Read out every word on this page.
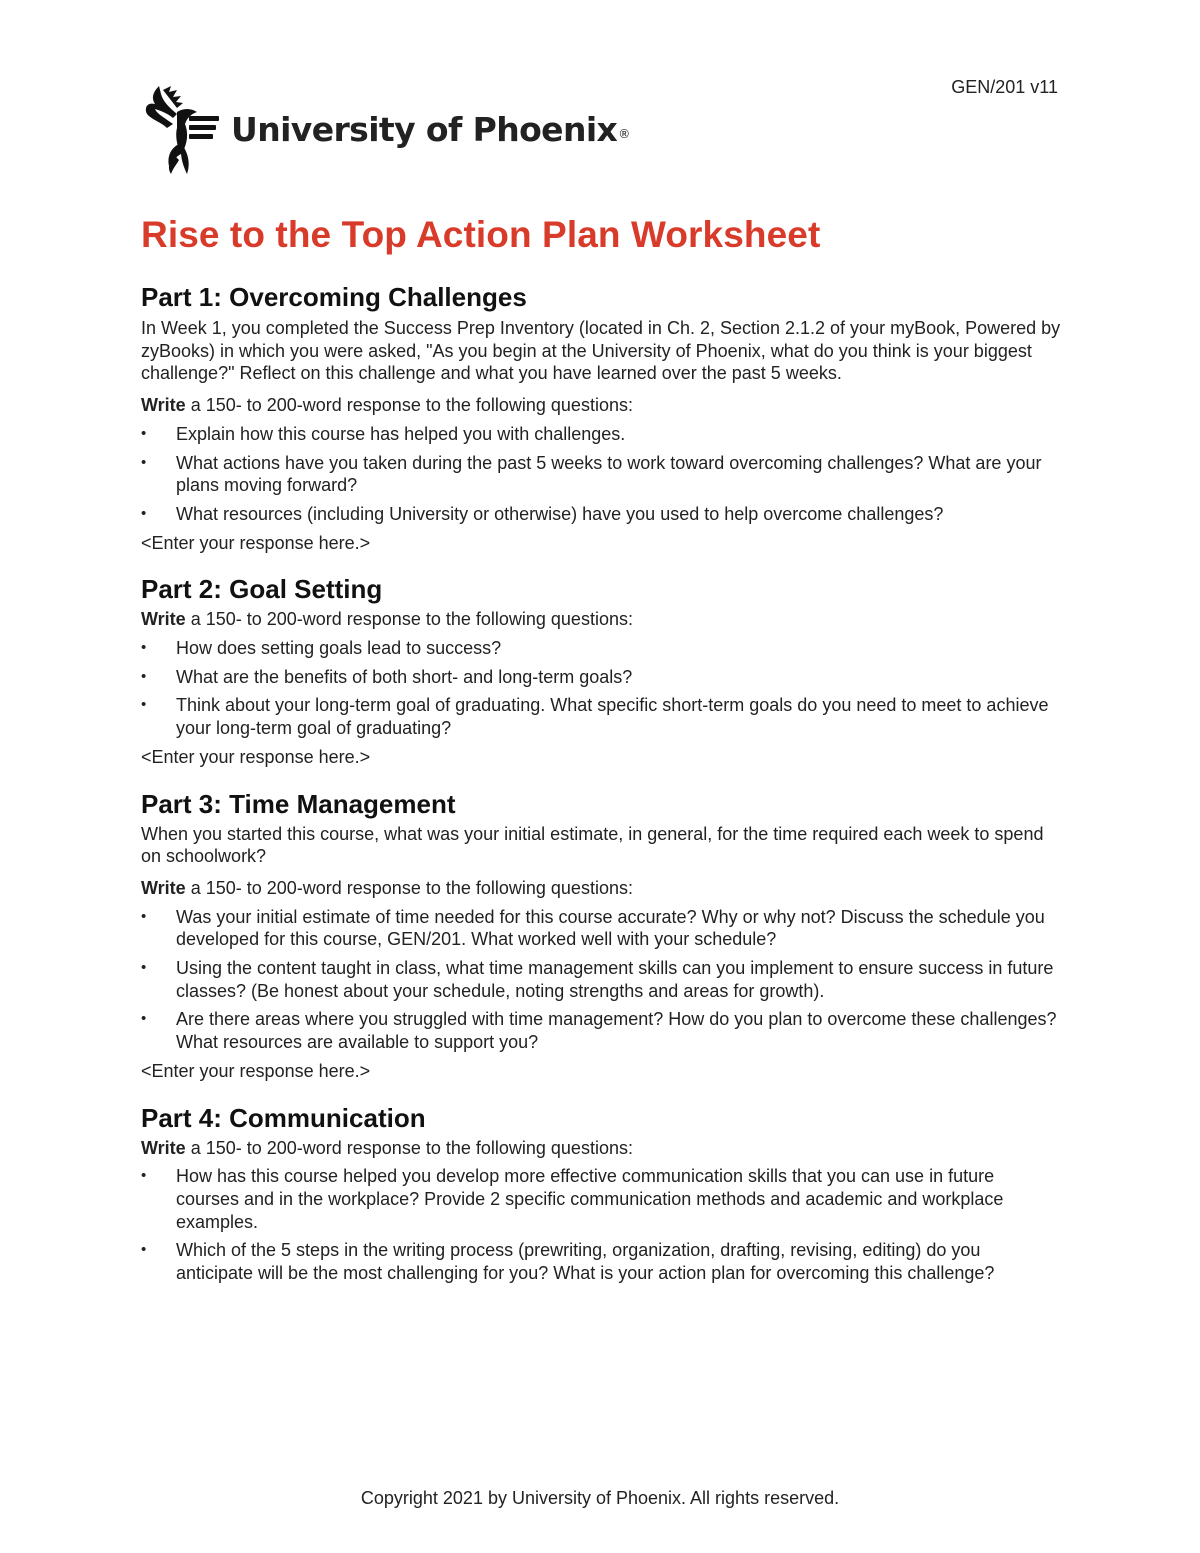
GEN/201 v11
University of Phoenix®
Rise to the Top Action Plan Worksheet
Part 1: Overcoming Challenges

In Week 1, you completed the Success Prep Inventory (located in Ch. 2, Section 2.1.2 of your myBook, Powered by zyBooks) in which you were asked, "As you begin at the University of Phoenix, what do you think is your biggest challenge?" Reflect on this challenge and what you have learned over the past 5 weeks.

Write a 150- to 200-word response to the following questions:

•	Explain how this course has helped you with challenges.
•	What actions have you taken during the past 5 weeks to work toward overcoming challenges? What are your plans moving forward?
•	What resources (including University or otherwise) have you used to help overcome challenges?

<Enter your response here.>

Part 2: Goal Setting

Write a 150- to 200-word response to the following questions:

•	How does setting goals lead to success?
•	What are the benefits of both short- and long-term goals?
•	Think about your long-term goal of graduating. What specific short-term goals do you need to meet to achieve your long-term goal of graduating?

<Enter your response here.>

Part 3: Time Management

When you started this course, what was your initial estimate, in general, for the time required each week to spend on schoolwork?

Write a 150- to 200-word response to the following questions:

•	Was your initial estimate of time needed for this course accurate? Why or why not? Discuss the schedule you developed for this course, GEN/201. What worked well with your schedule?
•	Using the content taught in class, what time management skills can you implement to ensure success in future classes? (Be honest about your schedule, noting strengths and areas for growth).
•	Are there areas where you struggled with time management? How do you plan to overcome these challenges? What resources are available to support you?

<Enter your response here.>

Part 4: Communication

Write a 150- to 200-word response to the following questions:

•	How has this course helped you develop more effective communication skills that you can use in future courses and in the workplace? Provide 2 specific communication methods and academic and workplace examples.
•	Which of the 5 steps in the writing process (prewriting, organization, drafting, revising, editing) do you anticipate will be the most challenging for you? What is your action plan for overcoming this challenge?
Copyright 2021 by University of Phoenix. All rights reserved.
